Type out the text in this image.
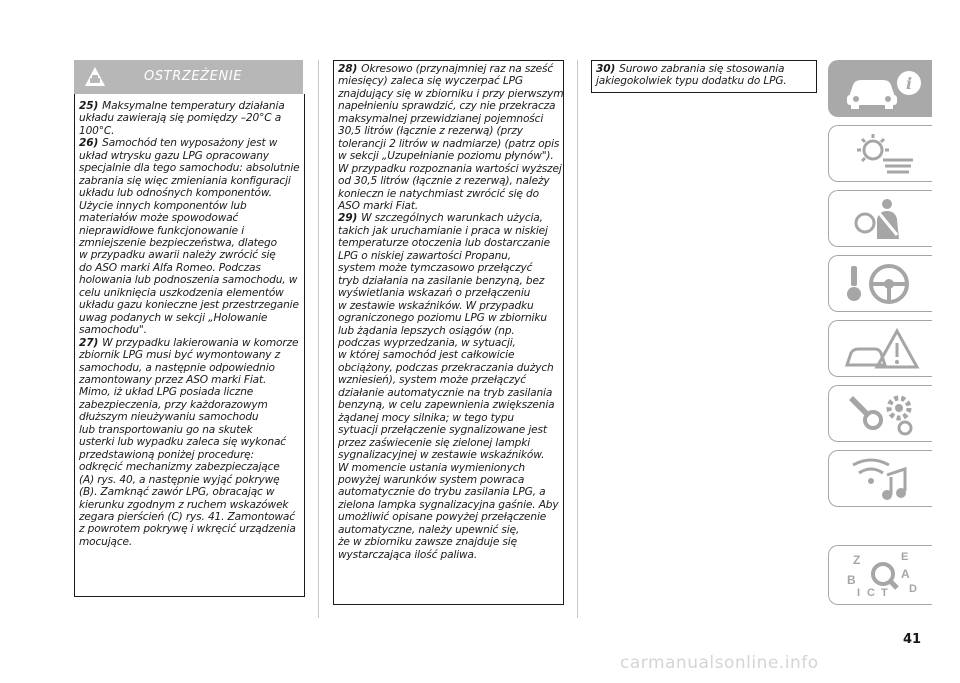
OSTRZEŻENIE
25) Maksymalne temperatury działania
układu zawierają się pomiędzy –20°C a
100°C.
26) Samochód ten wyposażony jest w
układ wtrysku gazu LPG opracowany
specjalnie dla tego samochodu: absolutnie
zabrania się więc zmieniania konfiguracji
układu lub odnośnych komponentów.
Użycie innych komponentów lub
materiałów może spowodować
nieprawidłowe funkcjonowanie i
zmniejszenie bezpieczeństwa, dlatego
w przypadku awarii należy zwrócić się
do ASO marki Alfa Romeo. Podczas
holowania lub podnoszenia samochodu, w
celu uniknięcia uszkodzenia elementów
układu gazu konieczne jest przestrzeganie
uwag podanych w sekcji „Holowanie
samochodu".
27) W przypadku lakierowania w komorze
zbiornik LPG musi być wymontowany z
samochodu, a następnie odpowiednio
zamontowany przez ASO marki Fiat.
Mimo, iż układ LPG posiada liczne
zabezpieczenia, przy każdorazowym
dłuższym nieużywaniu samochodu
lub transportowaniu go na skutek
usterki lub wypadku zaleca się wykonać
przedstawioną poniżej procedurę:
odkręcić mechanizmy zabezpieczające
(A) rys. 40, a następnie wyjąć pokrywę
(B). Zamknąć zawór LPG, obracając w
kierunku zgodnym z ruchem wskazówek
zegara pierścień (C) rys. 41. Zamontować
z powrotem pokrywę i wkręcić urządzenia
mocujące.
28) Okresowo (przynajmniej raz na sześć
miesięcy) zaleca się wyczerpać LPG
znajdujący się w zbiorniku i przy pierwszym
napełnieniu sprawdzić, czy nie przekracza
maksymalnej przewidzianej pojemności
30,5 litrów (łącznie z rezerwą) (przy
tolerancji 2 litrów w nadmiarze) (patrz opis
w sekcji „Uzupełnianie poziomu płynów").
W przypadku rozpoznania wartości wyższej
od 30,5 litrów (łącznie z rezerwą), należy
konieczn ie natychmiast zwrócić się do
ASO marki Fiat.
29) W szczególnych warunkach użycia,
takich jak uruchamianie i praca w niskiej
temperaturze otoczenia lub dostarczanie
LPG o niskiej zawartości Propanu,
system może tymczasowo przełączyć
tryb działania na zasilanie benzyną, bez
wyświetlania wskazań o przełączeniu
w zestawie wskaźników. W przypadku
ograniczonego poziomu LPG w zbiorniku
lub żądania lepszych osiągów (np.
podczas wyprzedzania, w sytuacji,
w której samochód jest całkowicie
obciążony, podczas przekraczania dużych
wzniesień), system może przełączyć
działanie automatycznie na tryb zasilania
benzyną, w celu zapewnienia zwiększenia
żądanej mocy silnika; w tego typu
sytuacji przełączenie sygnalizowane jest
przez zaświecenie się zielonej lampki
sygnalizacyjnej w zestawie wskaźników.
W momencie ustania wymienionych
powyżej warunków system powraca
automatycznie do trybu zasilania LPG, a
zielona lampka sygnalizacyjna gaśnie. Aby
umożliwić opisane powyżej przełączenie
automatyczne, należy upewnić się,
że w zbiorniku zawsze znajduje się
wystarczająca ilość paliwa.
30) Surowo zabrania się stosowania
jakiegokolwiek typu dodatku do LPG.	i
Z	E
A
B
C T D
I
41
carmanualsonline.info
